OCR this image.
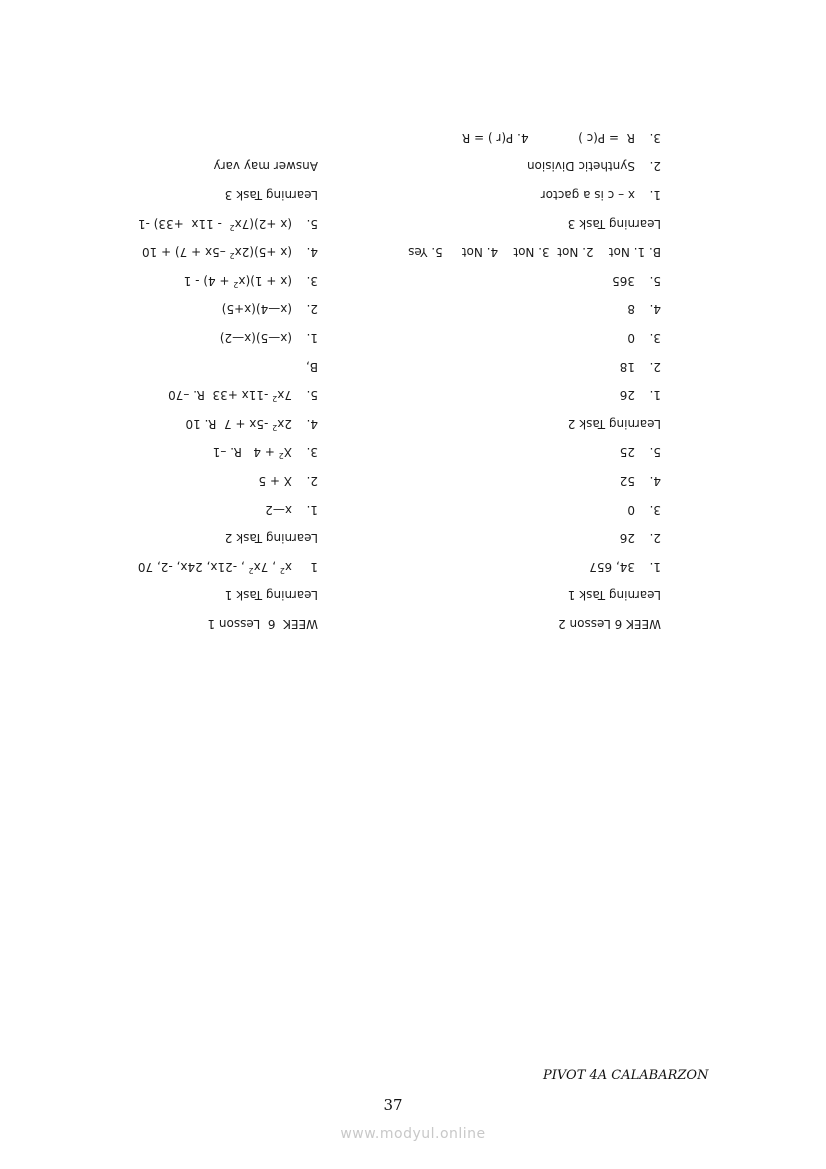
WEEK 6 Lesson 2
Learning Task 1
1.34, 657
2.26
3.0
4.52
5.25
Learning Task 2
1.26
2.18
3.0
4.8
5.365
B. 1. Not    2. Not  3. Not    4. Not     5. Yes
Learning Task 3
1.x – c is a gactor
2.Synthetic Division
3.R  = P(c )             4. P(r ) = R
WEEK  6  Lesson 1
Learning Task 1
$1x^2$ , $7x^2$ , -21x, 24x, -2, 70
Learning Task 2
1.x—2
2.X + 5
$3.X^2 + 4$   R. –1
$4.2x^2$ -5x + 7  R. 10
$5.7x^2$ -11x +33  R. –70
B,
1.(x—5)(x—2)
2.(x—4)(x+5)
$3.(x + 1)(x^2 + 4) - 1$
$4.(x +5)(2x^2$ –5x + 7) + 10
$5.(x +2)(7x^2 - 11x +33)$ -1
Learning Task 3
Answer may vary
PIVOT 4A CALABARZON
37
www.modyul.online
